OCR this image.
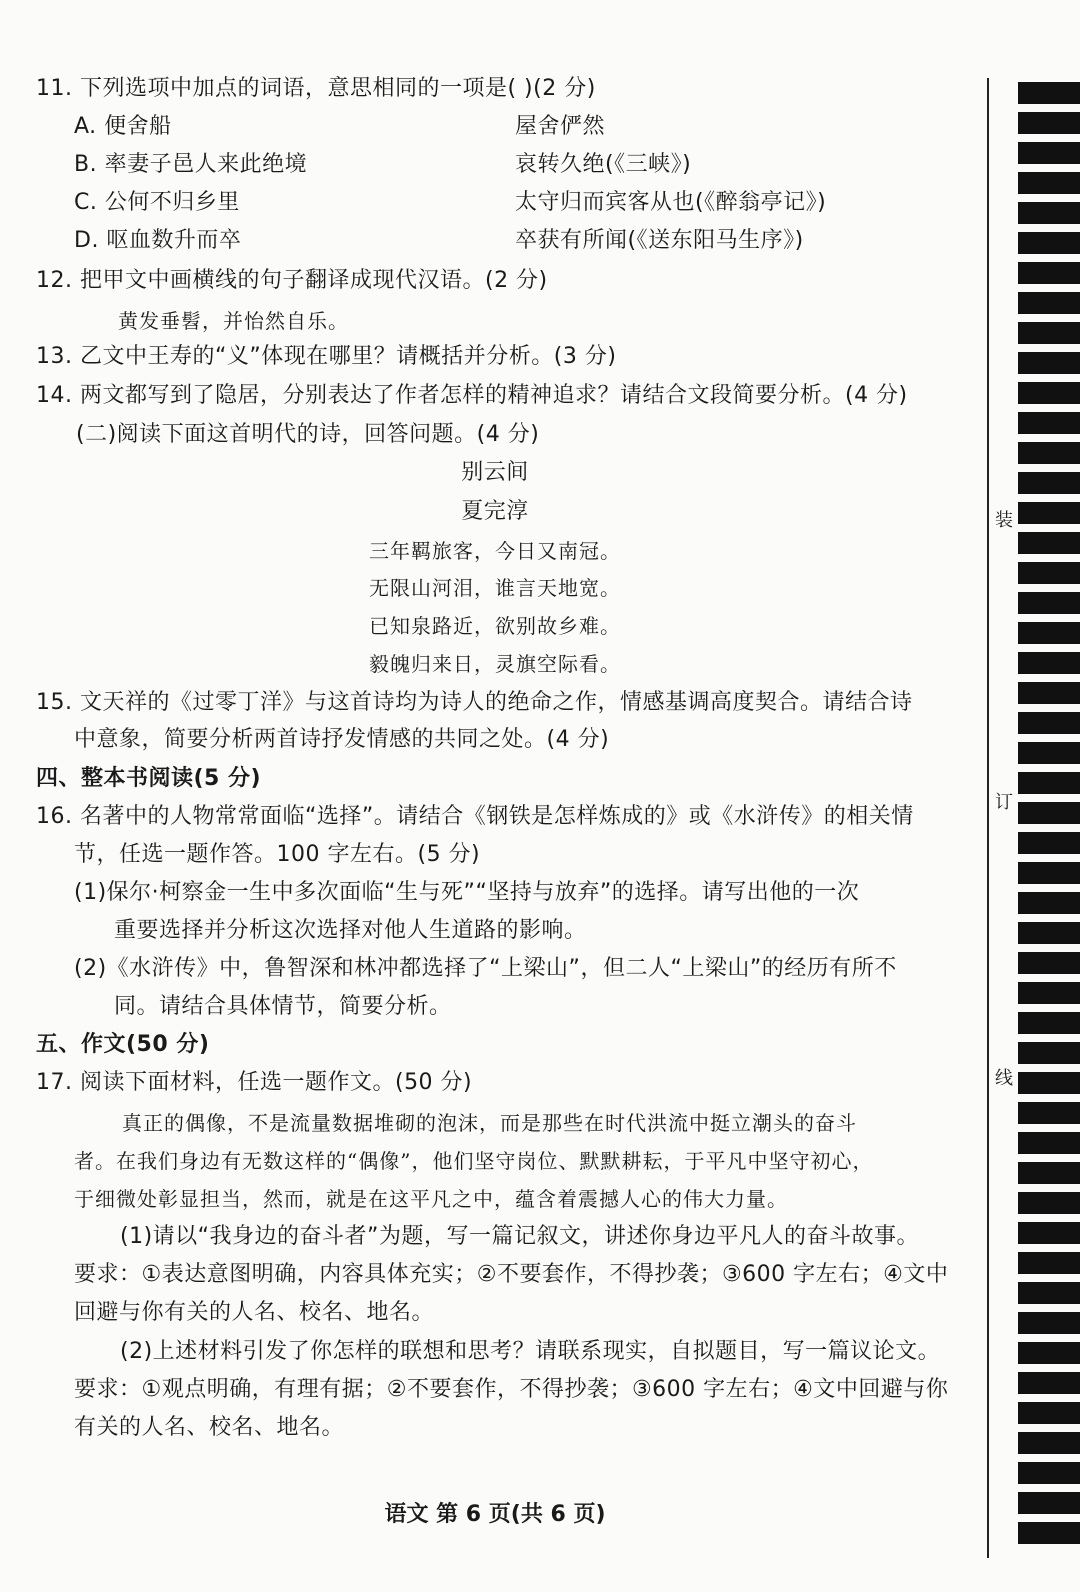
11. 下列选项中加点的词语，意思相同的一项是( )(2 分)
A. 便舍船	屋舍俨然
B. 率妻子邑人来此绝境	哀转久绝(《三峡》)
C. 公何不归乡里	太守归而宾客从也(《醉翁亭记》)
D. 呕血数升而卒	卒获有所闻(《送东阳马生序》)
12. 把甲文中画横线的句子翻译成现代汉语。(2 分)
黄发垂髫，并怡然自乐。
13. 乙文中王寿的“义”体现在哪里？请概括并分析。(3 分)
14. 两文都写到了隐居，分别表达了作者怎样的精神追求？请结合文段简要分析。(4 分)
(二)阅读下面这首明代的诗，回答问题。(4 分)
别云间
夏完淳
三年羁旅客，今日又南冠。
无限山河泪，谁言天地宽。
已知泉路近，欲别故乡难。
毅魄归来日，灵旗空际看。
15. 文天祥的《过零丁洋》与这首诗均为诗人的绝命之作，情感基调高度契合。请结合诗
中意象，简要分析两首诗抒发情感的共同之处。(4 分)
四、整本书阅读(5 分)
16. 名著中的人物常常面临“选择”。请结合《钢铁是怎样炼成的》或《水浒传》的相关情
节，任选一题作答。100 字左右。(5 分)
(1)保尔·柯察金一生中多次面临“生与死”“坚持与放弃”的选择。请写出他的一次
重要选择并分析这次选择对他人生道路的影响。
(2)《水浒传》中，鲁智深和林冲都选择了“上梁山”，但二人“上梁山”的经历有所不
同。请结合具体情节，简要分析。
五、作文(50 分)
17. 阅读下面材料，任选一题作文。(50 分)
真正的偶像，不是流量数据堆砌的泡沫，而是那些在时代洪流中挺立潮头的奋斗
者。在我们身边有无数这样的“偶像”，他们坚守岗位、默默耕耘，于平凡中坚守初心，
于细微处彰显担当，然而，就是在这平凡之中，蕴含着震撼人心的伟大力量。
(1)请以“我身边的奋斗者”为题，写一篇记叙文，讲述你身边平凡人的奋斗故事。
要求：①表达意图明确，内容具体充实；②不要套作，不得抄袭；③600 字左右；④文中
回避与你有关的人名、校名、地名。
(2)上述材料引发了你怎样的联想和思考？请联系现实，自拟题目，写一篇议论文。
要求：①观点明确，有理有据；②不要套作，不得抄袭；③600 字左右；④文中回避与你
有关的人名、校名、地名。
语文 第 6 页(共 6 页)
装
订
线
